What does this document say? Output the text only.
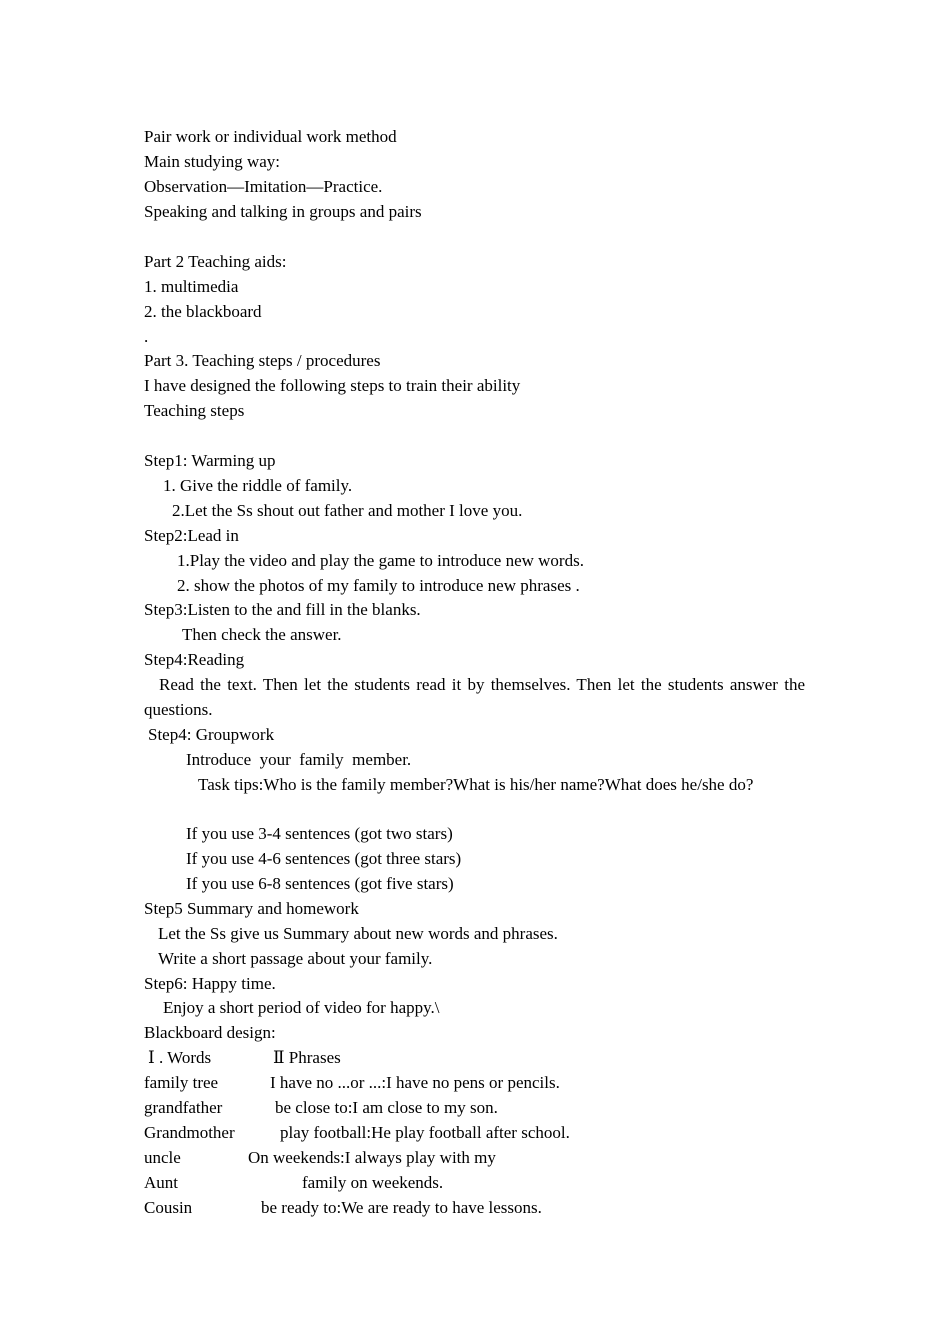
Pair work or individual work method

Main studying way:

Observation—Imitation—Practice.

Speaking and talking in groups and pairs

Part 2 Teaching aids:

1. multimedia

2. the blackboard

.

Part 3. Teaching steps / procedures

I have designed the following steps to train their ability

Teaching steps

Step1: Warming up

1. Give the riddle of family.

2.Let the Ss shout out father and mother I love you.

Step2:Lead in

1.Play the video and play the game to introduce new words.

2. show the photos of my family to introduce new phrases .

Step3:Listen to the and fill in the blanks.

Then check the answer.

Step4:Reading

Read the text. Then let the students read it by themselves. Then let the students answer the questions.

Step4: Groupwork

Introduce  your  family  member.

Task tips:Who is the family member?What is his/her name?What does he/she do?

If you use 3-4 sentences (got two stars)

If you use 4-6 sentences (got three stars)

If you use 6-8 sentences (got five stars)

Step5 Summary and homework

Let the Ss give us Summary about new words and phrases.

Write a short passage about your family.

Step6: Happy time.

Enjoy a short period of video for happy.\

Blackboard design:

Ⅰ . Words	Ⅱ Phrases
family tree	I have no ...or ...:I have no pens or pencils.
grandfather	be close to:I am close to my son.
Grandmother	play football:He play football after school.
uncle	On weekends:I always play with my
Aunt	family on weekends.
Cousin	be ready to:We are ready to have lessons.
